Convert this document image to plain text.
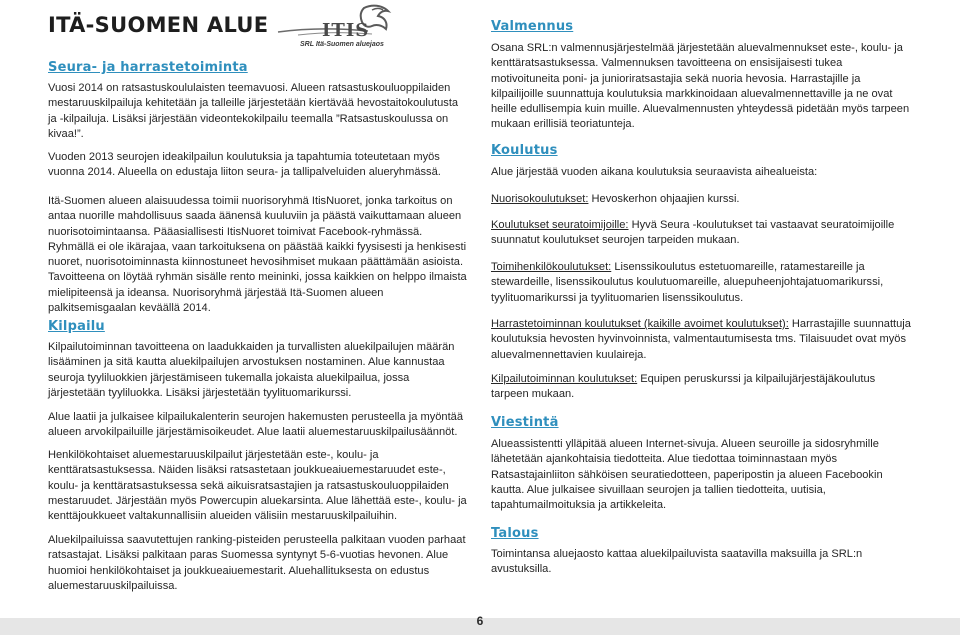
ITÄ-SUOMEN ALUE	ITIS
SRL Itä-Suomen aluejaos
Seura- ja harrastetoiminta

Vuosi 2014 on ratsastuskoululaisten teemavuosi. Alueen ratsastuskouluoppilaiden mestaruuskilpailuja kehitetään ja talleille järjestetään kiertävää hevostaitokoulutusta ja -kilpailuja. Lisäksi järjestään videontekokilpailu teemalla ”Ratsastuskoulussa on kivaa!”.

Vuoden 2013 seurojen ideakilpailun koulutuksia ja tapahtumia toteutetaan myös vuonna 2014. Alueella on edustaja liiton seura- ja tallipalveluiden alueryhmässä.

Itä-Suomen alueen alaisuudessa toimii nuorisoryhmä ItisNuoret, jonka tarkoitus on antaa nuorille mahdollisuus saada äänensä kuuluviin ja päästä vaikuttamaan alueen nuorisotoimintaansa. Pääasiallisesti ItisNuoret toimivat Facebook-ryhmässä. Ryhmällä ei ole ikärajaa, vaan tarkoituksena on päästää kaikki fyysisesti ja henkisesti nuoret, nuorisotoiminnasta kiinnostuneet hevosihmiset mukaan päättämään asioista. Tavoitteena on löytää ryhmän sisälle rento meininki, jossa kaikkien on helppo ilmaista mielipiteensä ja ideansa. Nuorisoryhmä järjestää Itä-Suomen alueen palkitsemisgaalan keväällä 2014.

Kilpailu

Kilpailutoiminnan tavoitteena on laadukkaiden ja turvallisten aluekilpailujen määrän lisääminen ja sitä kautta aluekilpailujen arvostuksen nostaminen. Alue kannustaa seuroja tyyliluokkien järjestämiseen tukemalla jokaista aluekilpailua, jossa järjestetään tyyliluokka. Lisäksi järjestetään tyylituomarikurssi.

Alue laatii ja julkaisee kilpailukalenterin seurojen hakemusten perusteella ja myöntää alueen arvokilpailuille järjestämisoikeudet. Alue laatii aluemestaruuskilpailusäännöt.

Henkilökohtaiset aluemestaruuskilpailut järjestetään este-, koulu- ja kenttäratsastuksessa. Näiden lisäksi ratsastetaan joukkueaiuemestaruudet este-, koulu- ja kenttäratsastuksessa sekä aikuisratsastajien ja ratsastuskouluoppilaiden mestaruudet. Järjestään myös Powercupin aluekarsinta. Alue lähettää este-, koulu- ja kenttäjoukkueet valtakunnallisiin alueiden välisiin mestaruuskilpailuihin.

Aluekilpailuissa saavutettujen ranking-pisteiden perusteella palkitaan vuoden parhaat ratsastajat. Lisäksi palkitaan paras Suomessa syntynyt 5-6-vuotias hevonen. Alue huomioi henkilökohtaiset ja joukkueaiuemestarit. Aluehallituksesta on edustus aluemestaruuskilpailuissa.

Valmennus

Osana SRL:n valmennusjärjestelmää järjestetään aluevalmennukset este-, koulu- ja kenttäratsastuksessa. Valmennuksen tavoitteena on ensisijaisesti tukea motivoituneita poni- ja junioriratsastajia sekä nuoria hevosia. Harrastajille ja kilpailijoille suunnattuja koulutuksia markkinoidaan aluevalmennettaville ja ne ovat heille edullisempia kuin muille. Aluevalmennusten yhteydessä pidetään myös tarpeen mukaan erillisiä teoriatunteja.

Koulutus

Alue järjestää vuoden aikana koulutuksia seuraavista aihealueista:

Nuorisokoulutukset: Hevoskerhon ohjaajien kurssi.

Koulutukset seuratoimijoille: Hyvä Seura -koulutukset tai vastaavat seuratoimijoille suunnatut koulutukset seurojen tarpeiden mukaan.

Toimihenkilökoulutukset: Lisenssikoulutus estetuomareille, ratamestareille ja stewardeille, lisenssikoulutus koulutuomareille, aluepuheenjohtajatuomarikurssi, tyylituomarikurssi ja tyylituomarien lisenssikoulutus.

Harrastetoiminnan koulutukset (kaikille avoimet koulutukset): Harrastajille suunnattuja koulutuksia hevosten hyvinvoinnista, valmentautumisesta tms. Tilaisuudet ovat myös aluevalmennettavien kuulaireja.

Kilpailutoiminnan koulutukset: Equipen peruskurssi ja kilpailujärjestäjäkoulutus tarpeen mukaan.

Viestintä

Alueassistentti ylläpitää alueen Internet-sivuja. Alueen seuroille ja sidosryhmille lähetetään ajankohtaisia tiedotteita. Alue tiedottaa toiminnastaan myös Ratsastajainliiton sähköisen seuratiedotteen, paperipostin ja alueen Facebookin kautta. Alue julkaisee sivuillaan seurojen ja tallien tiedotteita, uutisia, tapahtumailmoituksia ja artikkeleita.

Talous

Toimintansa aluejaosto kattaa aluekilpailuvista saatavilla maksuilla ja SRL:n avustuksilla.

6
